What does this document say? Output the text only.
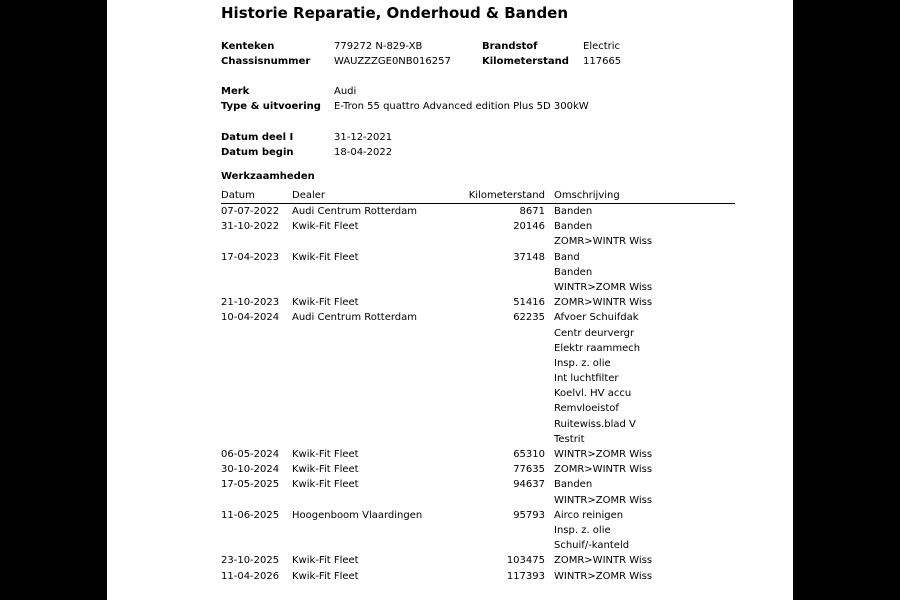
Historie Reparatie, Onderhoud & Banden
Kenteken	779272 N-829-XB	Brandstof	Electric
Chassisnummer WAUZZZGE0NB016257	Kilometerstand 117665
Merk	Audi
Type & uitvoering E-Tron 55 quattro Advanced edition Plus 5D 300kW
Datum deel I	31-12-2021
Datum begin	18-04-2022
Werkzaamheden
Datum	Dealer	Kilometerstand Omschrijving
07-07-2022 Audi Centrum Rotterdam	8671 Banden
31-10-2022 Kwik-Fit Fleet	20146 Banden
ZOMR>WINTR Wiss
17-04-2023 Kwik-Fit Fleet	37148 Band
Banden
WINTR>ZOMR Wiss
21-10-2023 Kwik-Fit Fleet	51416 ZOMR>WINTR Wiss
10-04-2024 Audi Centrum Rotterdam	62235 Afvoer Schuifdak
Centr deurvergr
Elektr raammech
Insp. z. olie
Int luchtfilter
Koelvl. HV accu
Remvloeistof
Ruitewiss.blad V
Testrit
06-05-2024 Kwik-Fit Fleet	65310 WINTR>ZOMR Wiss
30-10-2024 Kwik-Fit Fleet	77635 ZOMR>WINTR Wiss
17-05-2025 Kwik-Fit Fleet	94637 Banden
WINTR>ZOMR Wiss
11-06-2025 Hoogenboom Vlaardingen	95793 Airco reinigen
Insp. z. olie
Schuif/-kanteld
23-10-2025 Kwik-Fit Fleet	103475 ZOMR>WINTR Wiss
11-04-2026 Kwik-Fit Fleet	117393 WINTR>ZOMR Wiss
